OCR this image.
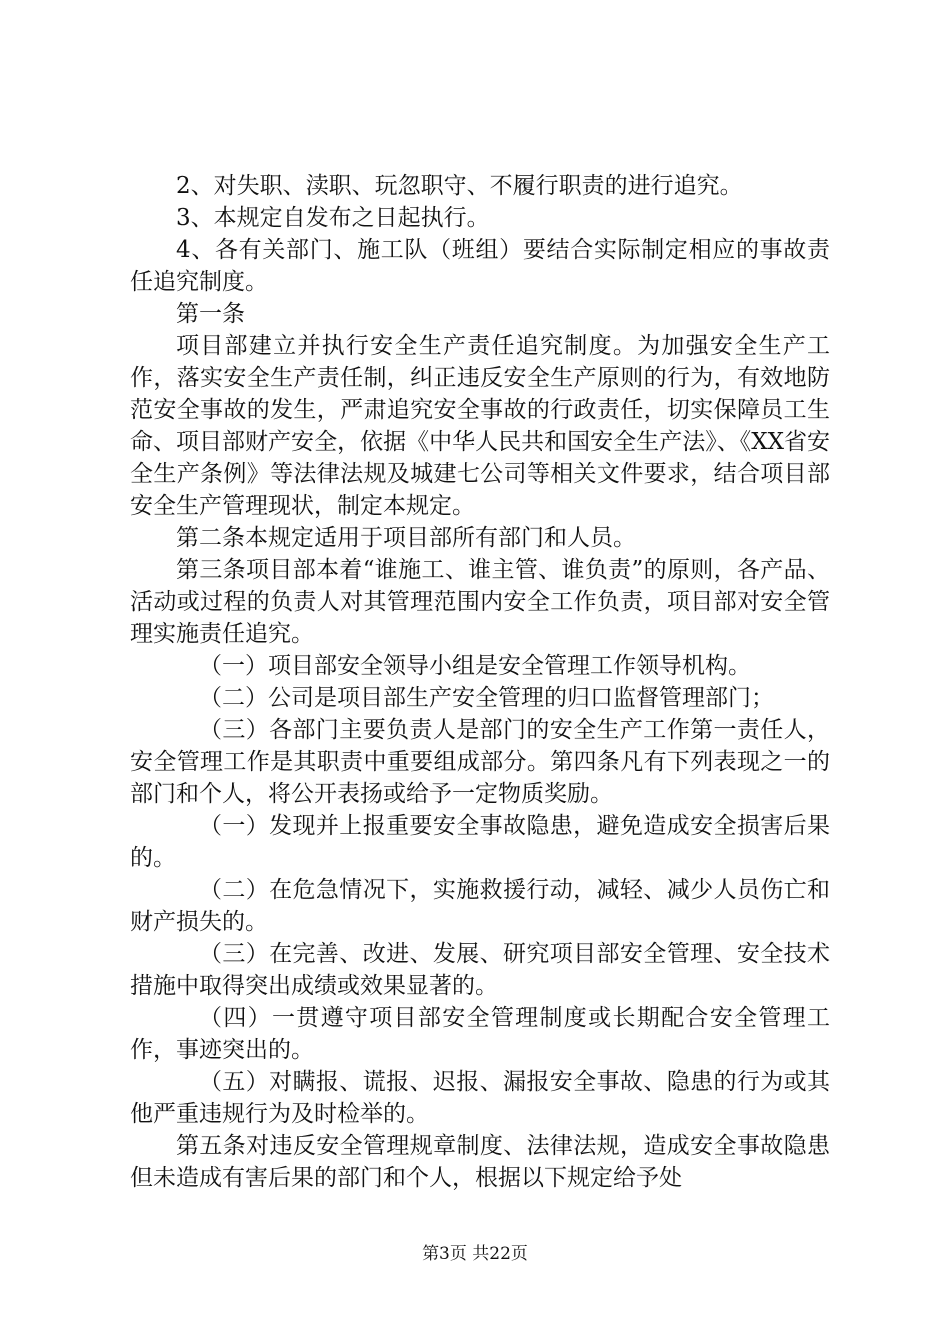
2、对失职、渎职、玩忽职守、不履行职责的进行追究。

3、本规定自发布之日起执行。

4、各有关部门、施工队（班组）要结合实际制定相应的事故责任追究制度。

第一条

项目部建立并执行安全生产责任追究制度。为加强安全生产工作，落实安全生产责任制，纠正违反安全生产原则的行为，有效地防范安全事故的发生，严肃追究安全事故的行政责任，切实保障员工生命、项目部财产安全，依据《中华人民共和国安全生产法》、《XX省安全生产条例》等法律法规及城建七公司等相关文件要求，结合项目部安全生产管理现状，制定本规定。

第二条本规定适用于项目部所有部门和人员。

第三条项目部本着“谁施工、谁主管、谁负责”的原则，各产品、活动或过程的负责人对其管理范围内安全工作负责，项目部对安全管理实施责任追究。

（一）项目部安全领导小组是安全管理工作领导机构。

（二）公司是项目部生产安全管理的归口监督管理部门；

（三）各部门主要负责人是部门的安全生产工作第一责任人，安全管理工作是其职责中重要组成部分。第四条凡有下列表现之一的部门和个人，将公开表扬或给予一定物质奖励。

（一）发现并上报重要安全事故隐患，避免造成安全损害后果的。

（二）在危急情况下，实施救援行动，减轻、减少人员伤亡和财产损失的。

（三）在完善、改进、发展、研究项目部安全管理、安全技术措施中取得突出成绩或效果显著的。

（四）一贯遵守项目部安全管理制度或长期配合安全管理工作，事迹突出的。

（五）对瞒报、谎报、迟报、漏报安全事故、隐患的行为或其他严重违规行为及时检举的。

第五条对违反安全管理规章制度、法律法规，造成安全事故隐患但未造成有害后果的部门和个人，根据以下规定给予处

第3页 共22页
